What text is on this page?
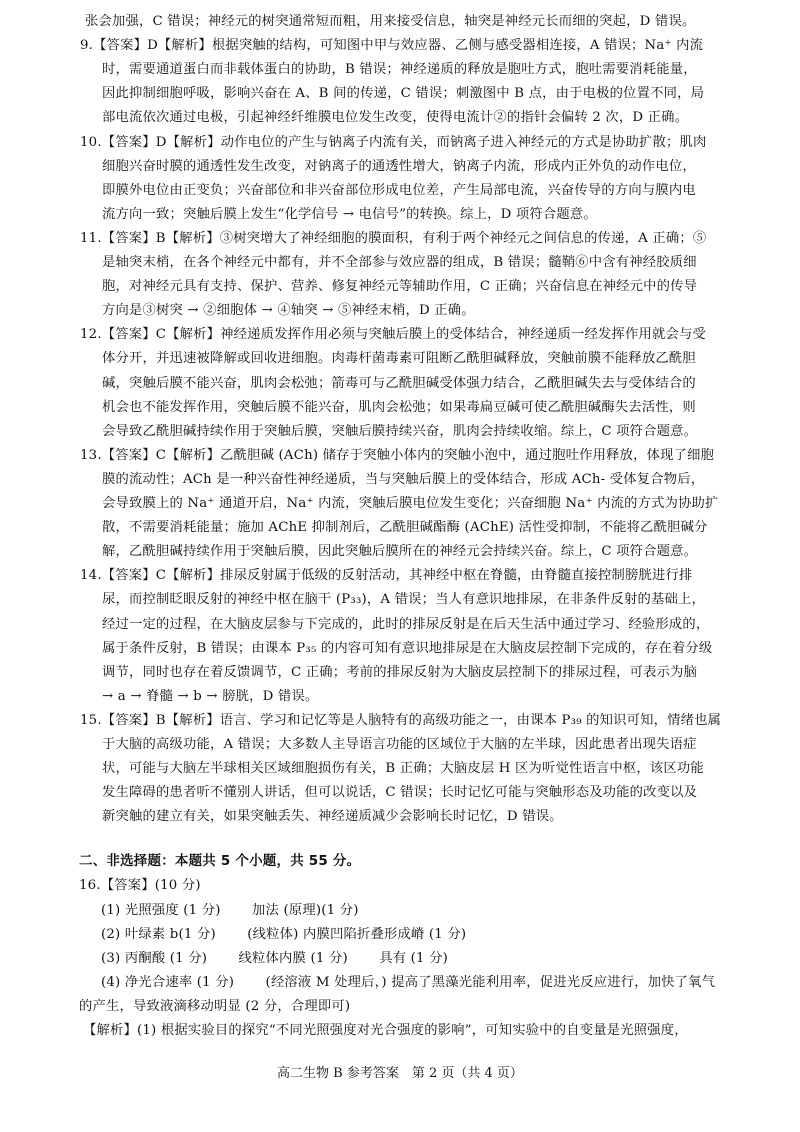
张会加强，C 错误；神经元的树突通常短而粗，用来接受信息，轴突是神经元长而细的突起，D 错误。
9.【答案】D【解析】根据突触的结构，可知图中甲与效应器、乙侧与感受器相连接，A 错误；Na⁺ 内流
时，需要通道蛋白而非载体蛋白的协助，B 错误；神经递质的释放是胞吐方式，胞吐需要消耗能量，
因此抑制细胞呼吸，影响兴奋在 A、B 间的传递，C 错误；刺激图中 B 点，由于电极的位置不同，局
部电流依次通过电极，引起神经纤维膜电位发生改变，使得电流计②的指针会偏转 2 次，D 正确。
10.【答案】D【解析】动作电位的产生与钠离子内流有关，而钠离子进入神经元的方式是协助扩散；肌肉
细胞兴奋时膜的通透性发生改变，对钠离子的通透性增大，钠离子内流，形成内正外负的动作电位，
即膜外电位由正变负；兴奋部位和非兴奋部位形成电位差，产生局部电流，兴奋传导的方向与膜内电
流方向一致；突触后膜上发生“化学信号 → 电信号”的转换。综上，D 项符合题意。
11.【答案】B【解析】③树突增大了神经细胞的膜面积，有利于两个神经元之间信息的传递，A 正确；⑤
是轴突末梢，在各个神经元中都有，并不全部参与效应器的组成，B 错误；髓鞘⑥中含有神经胶质细
胞，对神经元具有支持、保护、营养、修复神经元等辅助作用，C 正确；兴奋信息在神经元中的传导
方向是③树突 → ②细胞体 → ④轴突 → ⑤神经末梢，D 正确。
12.【答案】C【解析】神经递质发挥作用必须与突触后膜上的受体结合，神经递质一经发挥作用就会与受
体分开，并迅速被降解或回收进细胞。肉毒杆菌毒素可阻断乙酰胆碱释放，突触前膜不能释放乙酰胆
碱，突触后膜不能兴奋，肌肉会松弛；箭毒可与乙酰胆碱受体强力结合，乙酰胆碱失去与受体结合的
机会也不能发挥作用，突触后膜不能兴奋，肌肉会松弛；如果毒扁豆碱可使乙酰胆碱酶失去活性，则
会导致乙酰胆碱持续作用于突触后膜，突触后膜持续兴奋，肌肉会持续收缩。综上，C 项符合题意。
13.【答案】C【解析】乙酰胆碱 (ACh) 储存于突触小体内的突触小泡中，通过胞吐作用释放，体现了细胞
膜的流动性；ACh 是一种兴奋性神经递质，当与突触后膜上的受体结合，形成 ACh- 受体复合物后，
会导致膜上的 Na⁺ 通道开启，Na⁺ 内流，突触后膜电位发生变化；兴奋细胞 Na⁺ 内流的方式为协助扩
散，不需要消耗能量；施加 AChE 抑制剂后，乙酰胆碱酯酶 (AChE) 活性受抑制，不能将乙酰胆碱分
解，乙酰胆碱持续作用于突触后膜，因此突触后膜所在的神经元会持续兴奋。综上，C 项符合题意。
14.【答案】C【解析】排尿反射属于低级的反射活动，其神经中枢在脊髓，由脊髓直接控制膀胱进行排
尿，而控制眨眼反射的神经中枢在脑干 (P₃₃)，A 错误；当人有意识地排尿，在非条件反射的基础上，
经过一定的过程，在大脑皮层参与下完成的，此时的排尿反射是在后天生活中通过学习、经验形成的，
属于条件反射，B 错误；由课本 P₃₅ 的内容可知有意识地排尿是在大脑皮层控制下完成的，存在着分级
调节，同时也存在着反馈调节，C 正确；考前的排尿反射为大脑皮层控制下的排尿过程，可表示为脑
→ a → 脊髓 → b → 膀胱，D 错误。
15.【答案】B【解析】语言、学习和记忆等是人脑特有的高级功能之一，由课本 P₃₉ 的知识可知，情绪也属
于大脑的高级功能，A 错误；大多数人主导语言功能的区域位于大脑的左半球，因此患者出现失语症
状，可能与大脑左半球相关区域细胞损伤有关，B 正确；大脑皮层 H 区为听觉性语言中枢，该区功能
发生障碍的患者听不懂别人讲话，但可以说话，C 错误；长时记忆可能与突触形态及功能的改变以及
新突触的建立有关，如果突触丢失、神经递质减少会影响长时记忆，D 错误。
二、非选择题：本题共 5 个小题，共 55 分。
16.【答案】(10 分)
(1) 光照强度 (1 分)　　 加法 (原理)(1 分)
(2) 叶绿素 b(1 分)　　 (线粒体) 内膜凹陷折叠形成嵴 (1 分)
(3) 丙酮酸 (1 分)　　 线粒体内膜 (1 分)　　 具有 (1 分)
(4) 净光合速率 (1 分)　　 (经溶液 M 处理后，) 提高了黑藻光能利用率，促进光反应进行，加快了氧气
的产生，导致液滴移动明显 (2 分，合理即可)
【解析】(1) 根据实验目的探究“不同光照强度对光合强度的影响”，可知实验中的自变量是光照强度，
高二生物 B 参考答案　第 2 页（共 4 页）
